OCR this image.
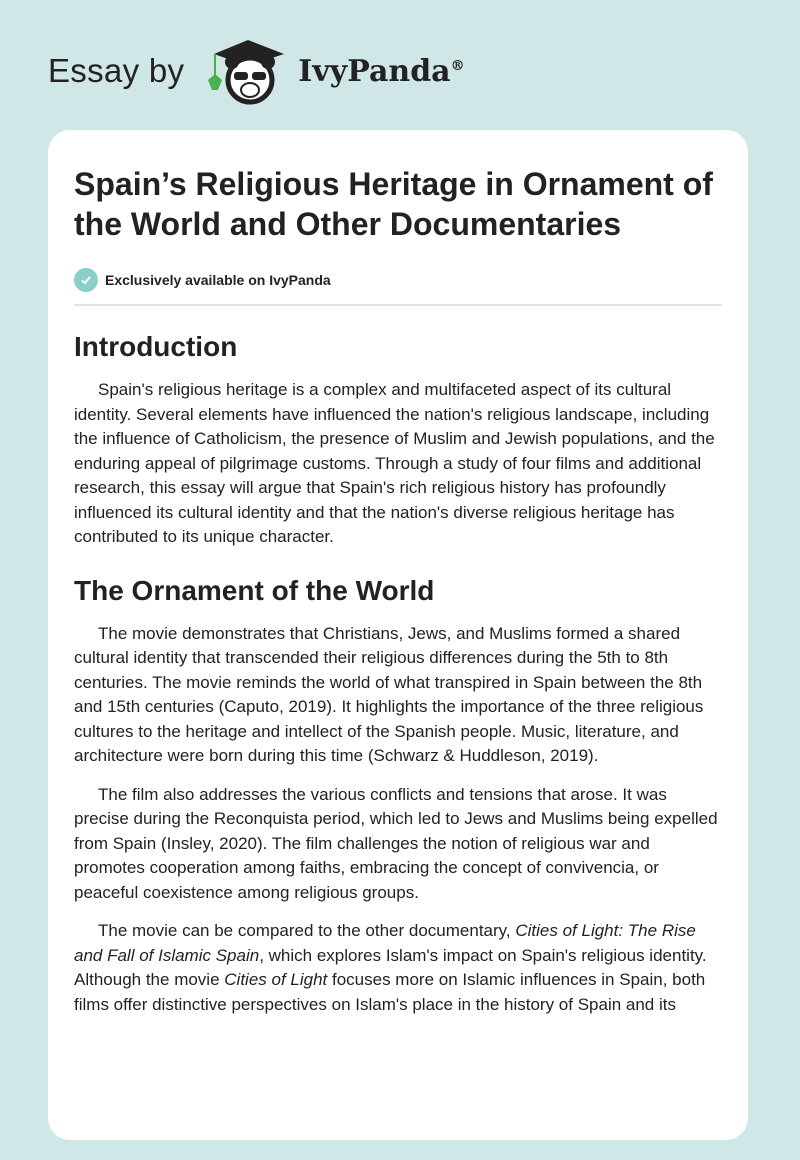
Essay by	IvyPanda®
Spain’s Religious Heritage in Ornament of the World and Other Documentaries
Exclusively available on IvyPanda
Introduction

Spain's religious heritage is a complex and multifaceted aspect of its cultural identity. Several elements have influenced the nation's religious landscape, including the influence of Catholicism, the presence of Muslim and Jewish populations, and the enduring appeal of pilgrimage customs. Through a study of four films and additional research, this essay will argue that Spain's rich religious history has profoundly influenced its cultural identity and that the nation's diverse religious heritage has contributed to its unique character.

The Ornament of the World

The movie demonstrates that Christians, Jews, and Muslims formed a shared cultural identity that transcended their religious differences during the 5th to 8th centuries. The movie reminds the world of what transpired in Spain between the 8th and 15th centuries (Caputo, 2019). It highlights the importance of the three religious cultures to the heritage and intellect of the Spanish people. Music, literature, and architecture were born during this time (Schwarz & Huddleson, 2019).

The film also addresses the various conflicts and tensions that arose. It was precise during the Reconquista period, which led to Jews and Muslims being expelled from Spain (Insley, 2020). The film challenges the notion of religious war and promotes cooperation among faiths, embracing the concept of convivencia, or peaceful coexistence among religious groups.

The movie can be compared to the other documentary, Cities of Light: The Rise and Fall of Islamic Spain, which explores Islam's impact on Spain's religious identity. Although the movie Cities of Light focuses more on Islamic influences in Spain, both films offer distinctive perspectives on Islam's place in the history of Spain and its
